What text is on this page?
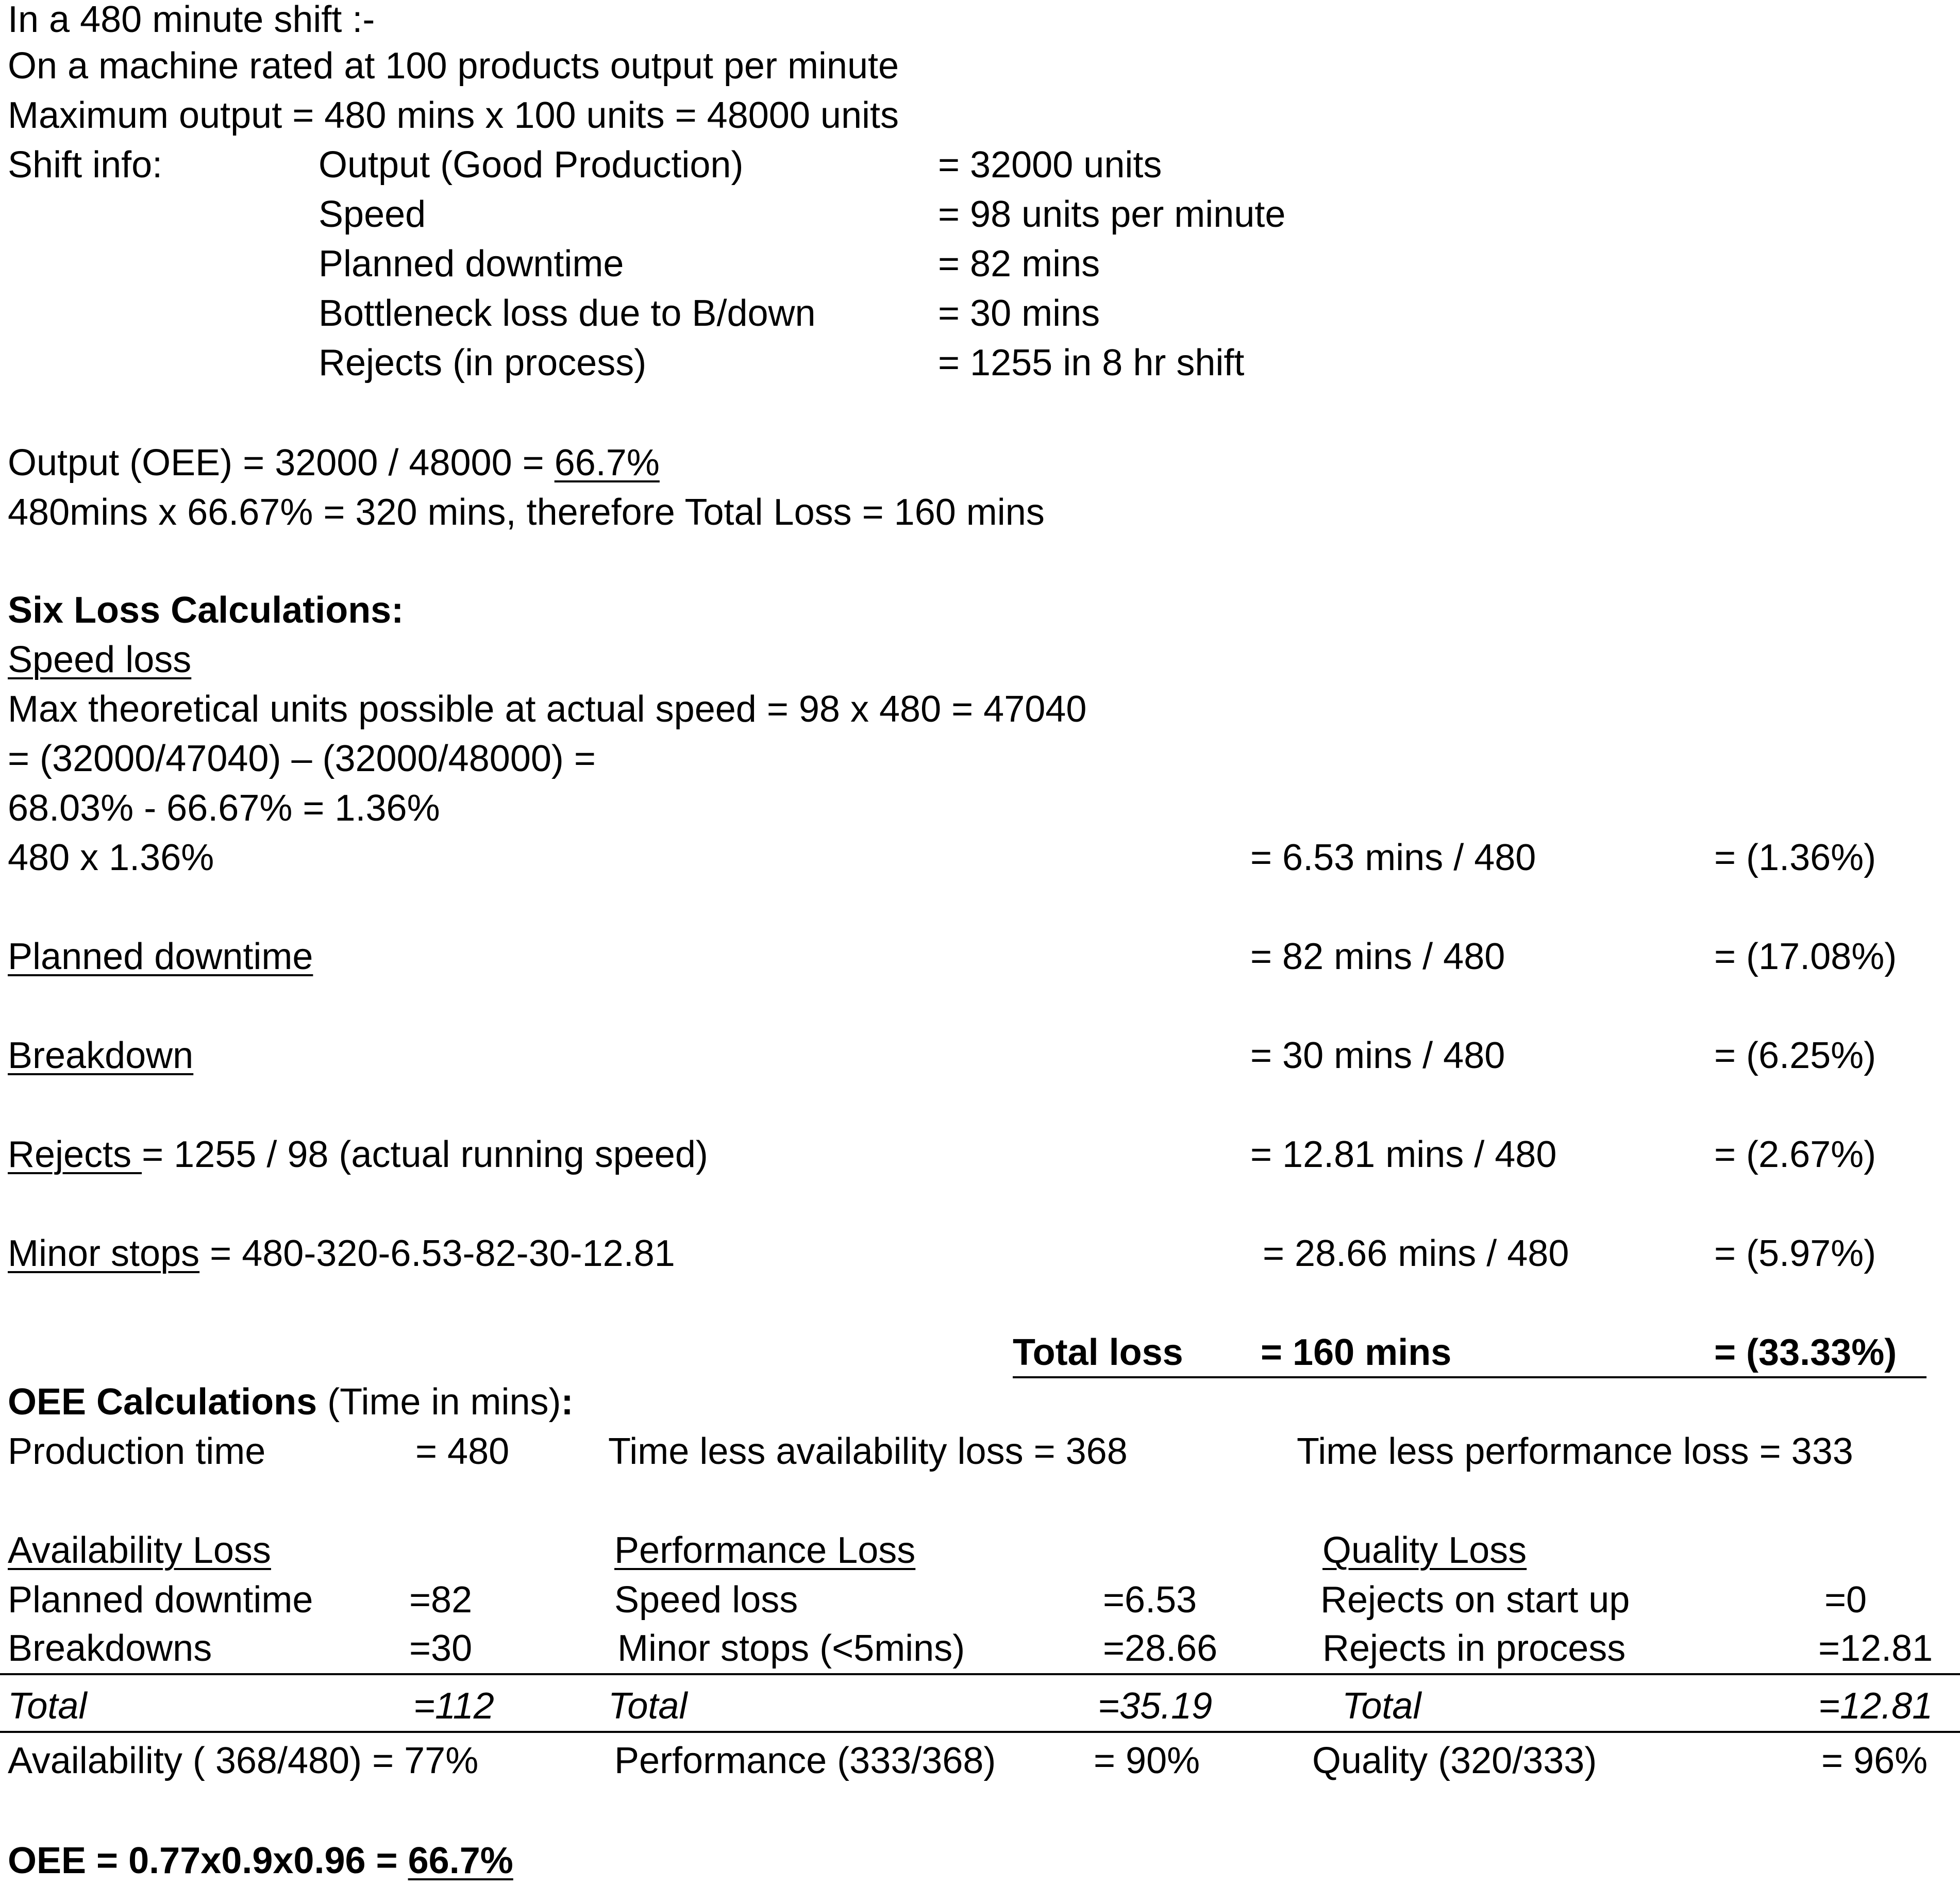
In a 480 minute shift :-
On a machine rated at 100 products output per minute
Maximum output = 480 mins x 100 units = 48000 units
Shift info:	Output (Good Production)	= 32000 units
Speed	= 98 units per minute
Planned downtime	= 82 mins
Bottleneck loss due to B/down	= 30 mins
Rejects (in process)	= 1255 in 8 hr shift
Output (OEE) = 32000 / 48000 = 66.7%
480mins x 66.67% = 320 mins, therefore Total Loss = 160 mins
Six Loss Calculations:
Speed loss
Max theoretical units possible at actual speed = 98 x 480 = 47040
= (32000/47040) – (32000/48000) =
68.03% - 66.67% = 1.36%
480 x 1.36%	= 6.53 mins / 480	= (1.36%)
Planned downtime	= 82 mins / 480	= (17.08%)
Breakdown	= 30 mins / 480	= (6.25%)
Rejects = 1255 / 98 (actual running speed)	= 12.81 mins / 480	= (2.67%)
Minor stops = 480-320-6.53-82-30-12.81	= 28.66 mins / 480	= (5.97%)
Total loss = 160 mins	= (33.33%)
OEE Calculations (Time in mins):
Production time	= 480	Time less availability loss = 368	Time less performance loss = 333
Availability Loss	Performance Loss	Quality Loss
Planned downtime	=82	Speed loss	=6.53	Rejects on start up	=0
Breakdowns	=30	Minor stops (<5mins)	=28.66	Rejects in process	=12.81
Total	=112	Total	=35.19	Total	=12.81
Availability ( 368/480) = 77%	Performance (333/368)	= 90%	Quality (320/333)	= 96%
OEE = 0.77x0.9x0.96 = 66.7%
